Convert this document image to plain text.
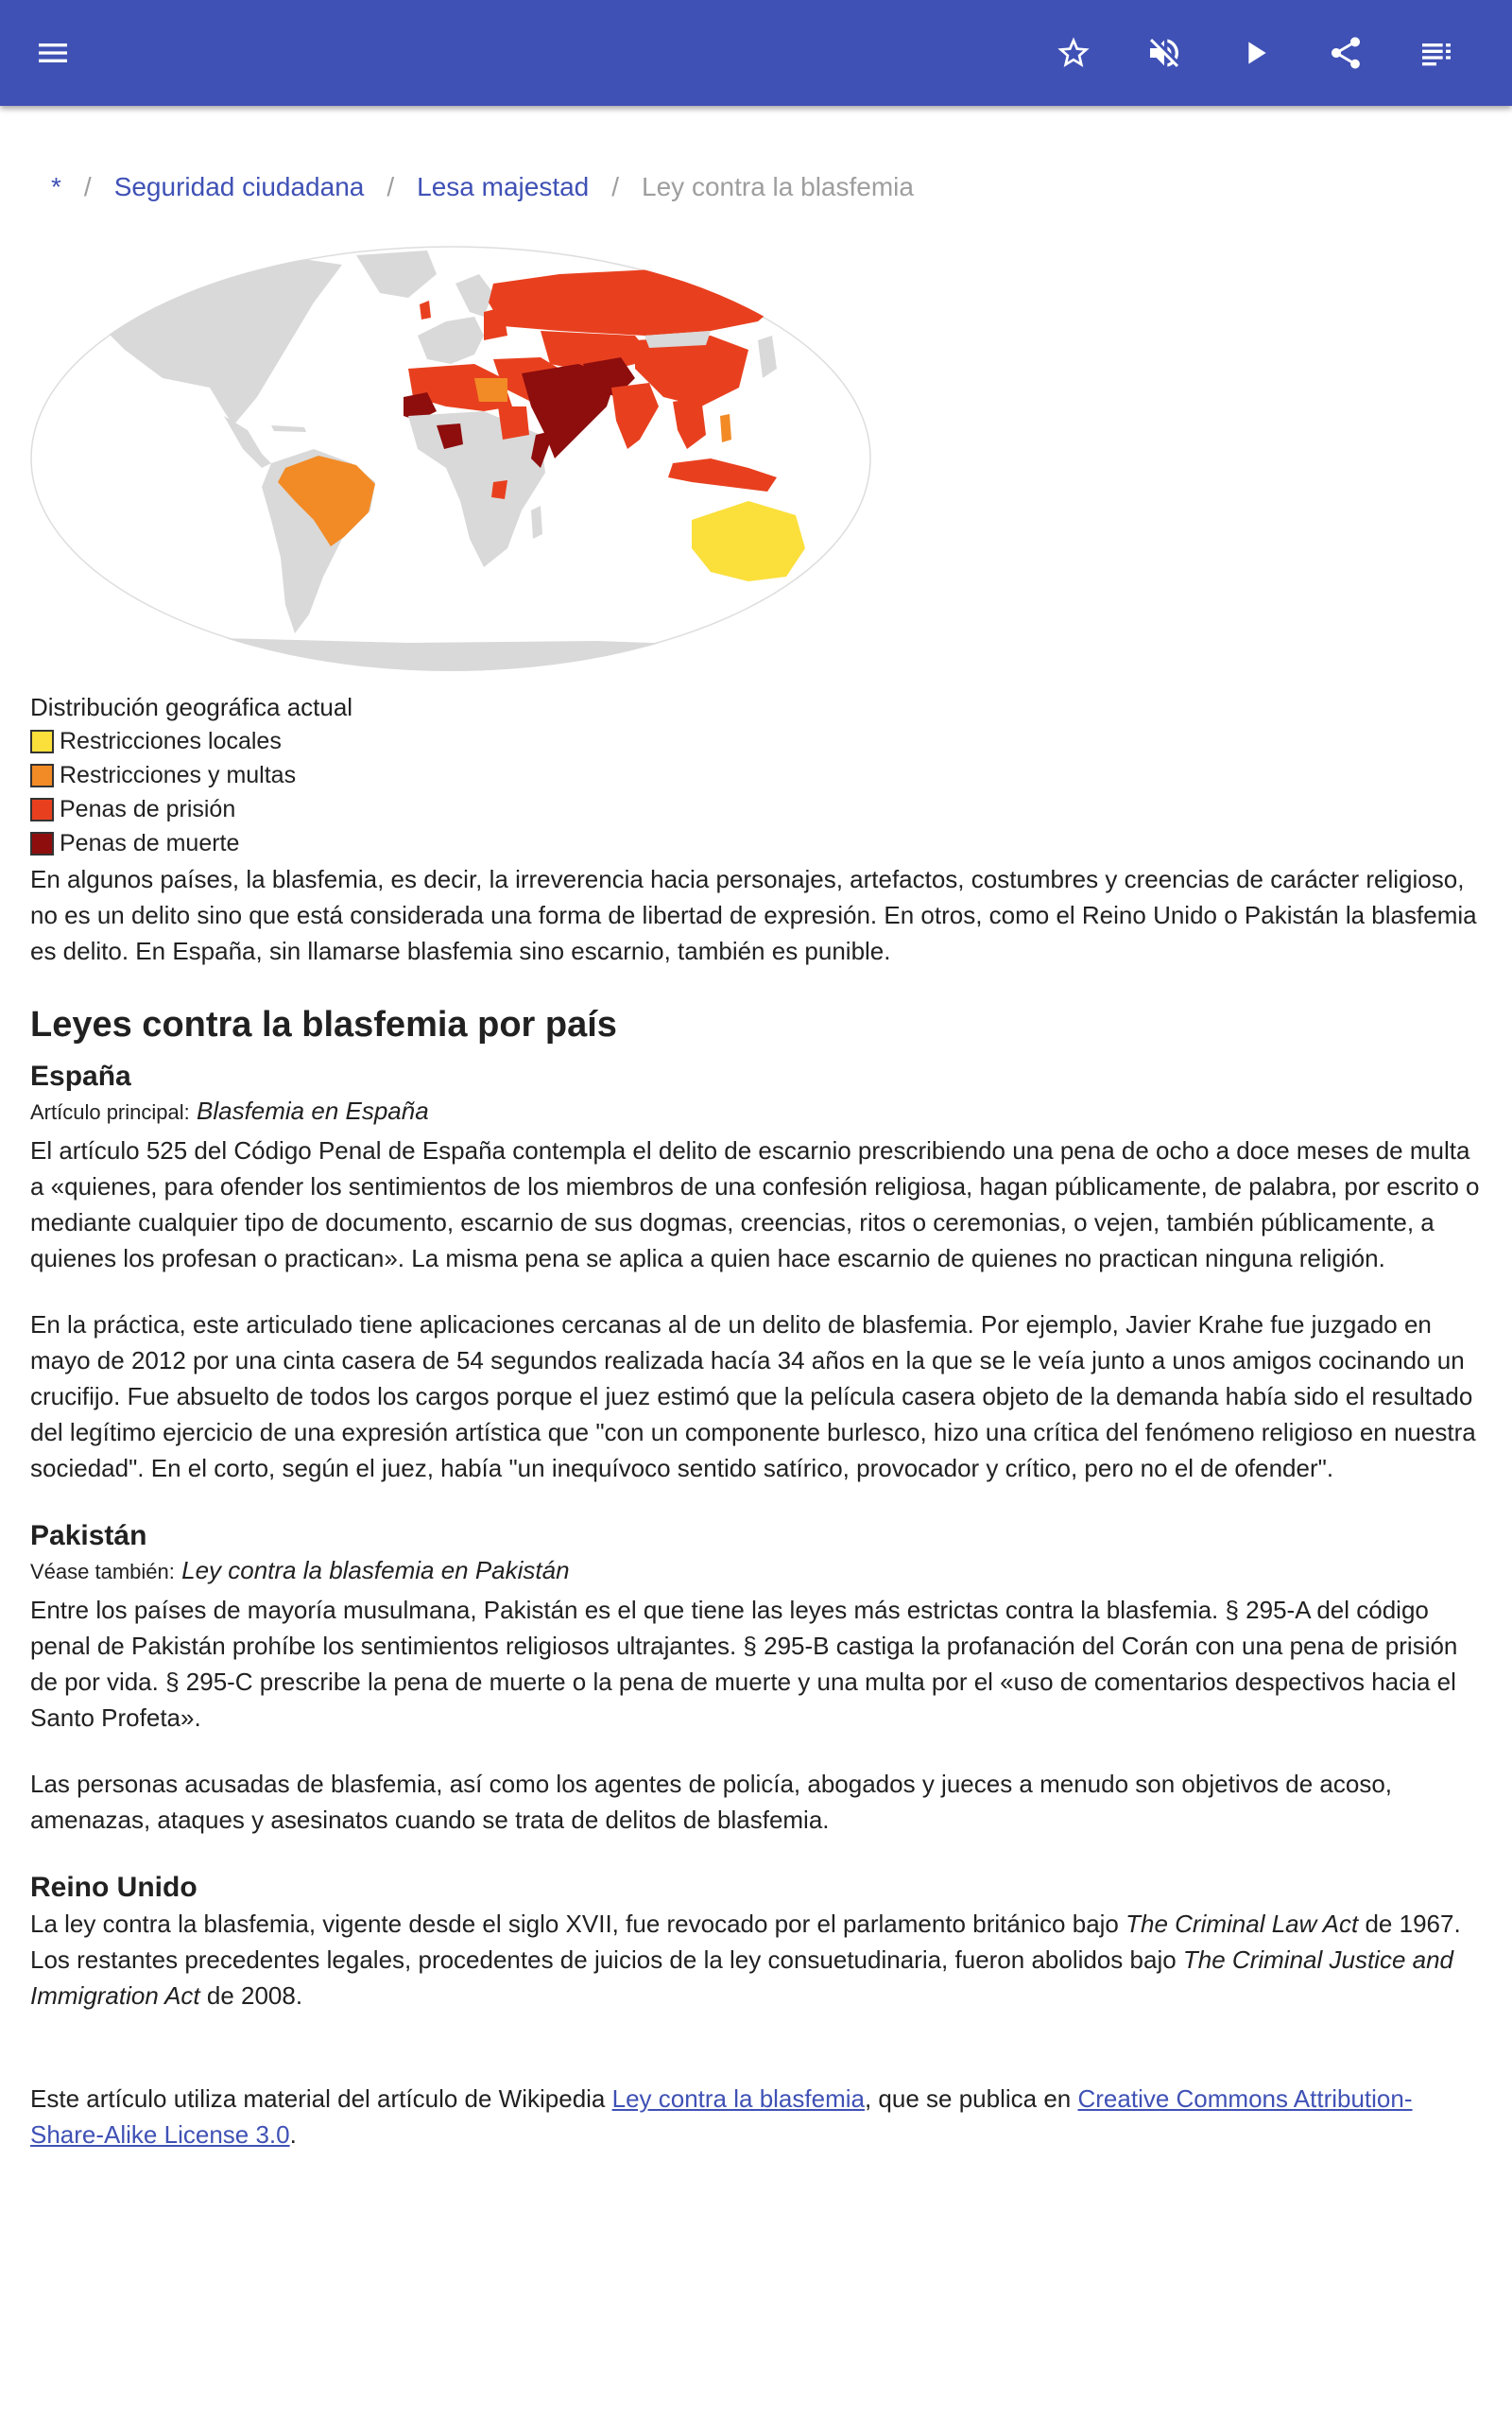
* / Seguridad ciudadana / Lesa majestad / Ley contra la blasfemia
Distribución geográfica actual
Restricciones locales
Restricciones y multas
Penas de prisión
Penas de muerte

En algunos países, la blasfemia, es decir, la irreverencia hacia personajes, artefactos, costumbres y creencias de carácter religioso, no es un delito sino que está considerada una forma de libertad de expresión. En otros, como el Reino Unido o Pakistán la blasfemia es delito. En España, sin llamarse blasfemia sino escarnio, también es punible.

Leyes contra la blasfemia por país
España
Artículo principal: Blasfemia en España

El artículo 525 del Código Penal de España contempla el delito de escarnio prescribiendo una pena de ocho a doce meses de multa a «quienes, para ofender los sentimientos de los miembros de una confesión religiosa, hagan públicamente, de palabra, por escrito o mediante cualquier tipo de documento, escarnio de sus dogmas, creencias, ritos o ceremonias, o vejen, también públicamente, a quienes los profesan o practican». La misma pena se aplica a quien hace escarnio de quienes no practican ninguna religión.

En la práctica, este articulado tiene aplicaciones cercanas al de un delito de blasfemia. Por ejemplo, Javier Krahe fue juzgado en mayo de 2012 por una cinta casera de 54 segundos realizada hacía 34 años en la que se le veía junto a unos amigos cocinando un crucifijo. Fue absuelto de todos los cargos porque el juez estimó que la película casera objeto de la demanda había sido el resultado del legítimo ejercicio de una expresión artística que "con un componente burlesco, hizo una crítica del fenómeno religioso en nuestra sociedad". En el corto, según el juez, había "un inequívoco sentido satírico, provocador y crítico, pero no el de ofender".

Pakistán
Véase también: Ley contra la blasfemia en Pakistán

Entre los países de mayoría musulmana, Pakistán es el que tiene las leyes más estrictas contra la blasfemia. § 295-A del código penal de Pakistán prohíbe los sentimientos religiosos ultrajantes. § 295-B castiga la profanación del Corán con una pena de prisión de por vida. § 295-C prescribe la pena de muerte o la pena de muerte y una multa por el «uso de comentarios despectivos hacia el Santo Profeta».

Las personas acusadas de blasfemia, así como los agentes de policía, abogados y jueces a menudo son objetivos de acoso, amenazas, ataques y asesinatos cuando se trata de delitos de blasfemia.

Reino Unido

La ley contra la blasfemia, vigente desde el siglo XVII, fue revocado por el parlamento británico bajo The Criminal Law Act de 1967. Los restantes precedentes legales, procedentes de juicios de la ley consuetudinaria, fueron abolidos bajo The Criminal Justice and Immigration Act de 2008.

Este artículo utiliza material del artículo de Wikipedia Ley contra la blasfemia, que se publica en Creative Commons Attribution-Share-Alike License 3.0.
